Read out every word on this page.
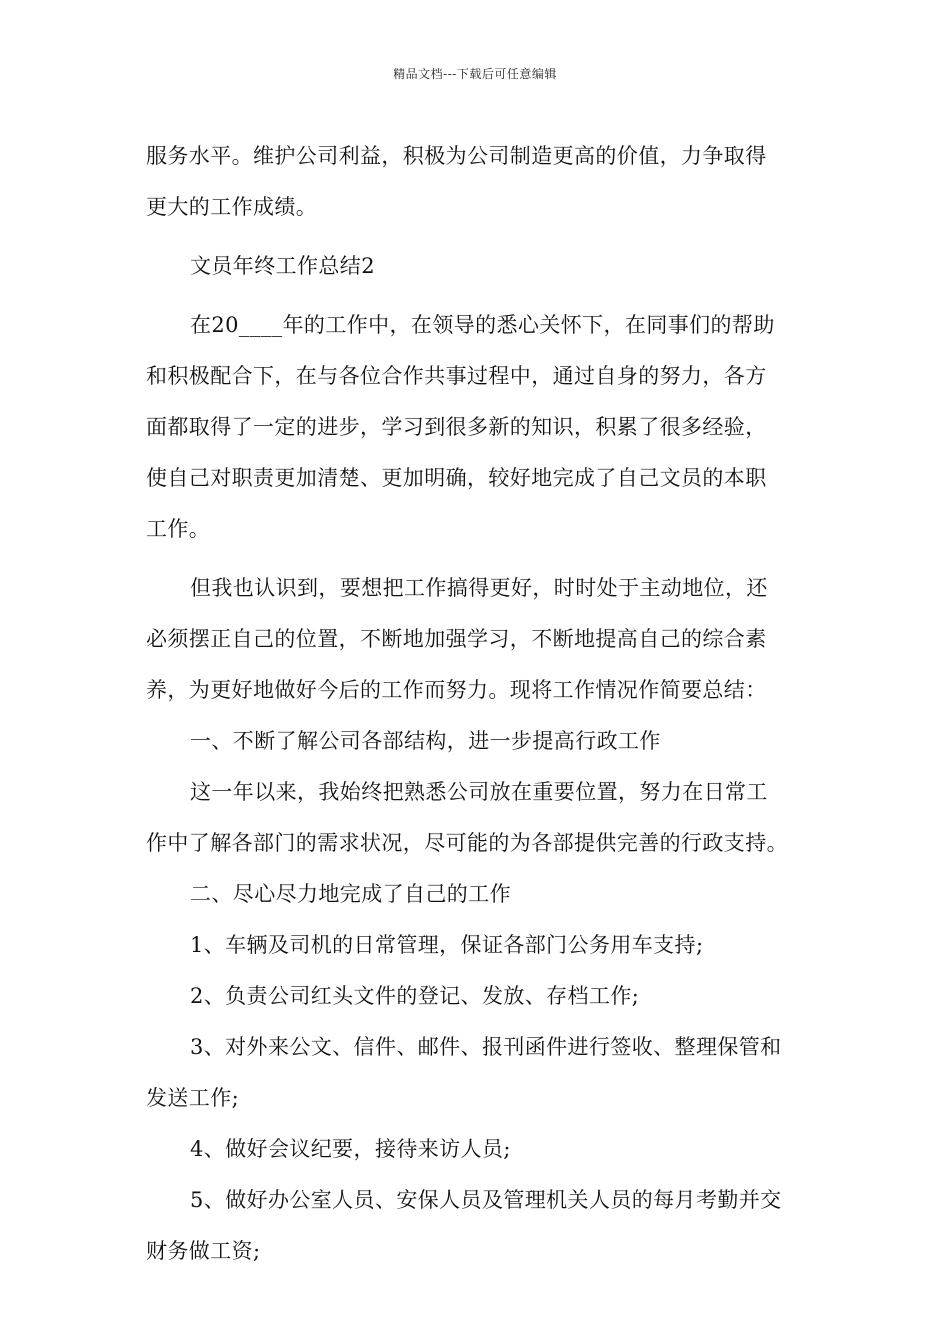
精品文档---下载后可任意编辑
服务水平。维护公司利益，积极为公司制造更高的价值，力争取得
更大的工作成绩。
文员年终工作总结2
在20____年的工作中，在领导的悉心关怀下，在同事们的帮助
和积极配合下，在与各位合作共事过程中，通过自身的努力，各方
面都取得了一定的进步，学习到很多新的知识，积累了很多经验，
使自己对职责更加清楚、更加明确，较好地完成了自己文员的本职
工作。
但我也认识到，要想把工作搞得更好，时时处于主动地位，还
必须摆正自己的位置，不断地加强学习，不断地提高自己的综合素
养，为更好地做好今后的工作而努力。现将工作情况作简要总结：
一、不断了解公司各部结构，进一步提高行政工作
这一年以来，我始终把熟悉公司放在重要位置，努力在日常工
作中了解各部门的需求状况，尽可能的为各部提供完善的行政支持。
二、尽心尽力地完成了自己的工作
1、车辆及司机的日常管理，保证各部门公务用车支持;
2、负责公司红头文件的登记、发放、存档工作;
3、对外来公文、信件、邮件、报刊函件进行签收、整理保管和
发送工作;
4、做好会议纪要，接待来访人员;
5、做好办公室人员、安保人员及管理机关人员的每月考勤并交
财务做工资;
